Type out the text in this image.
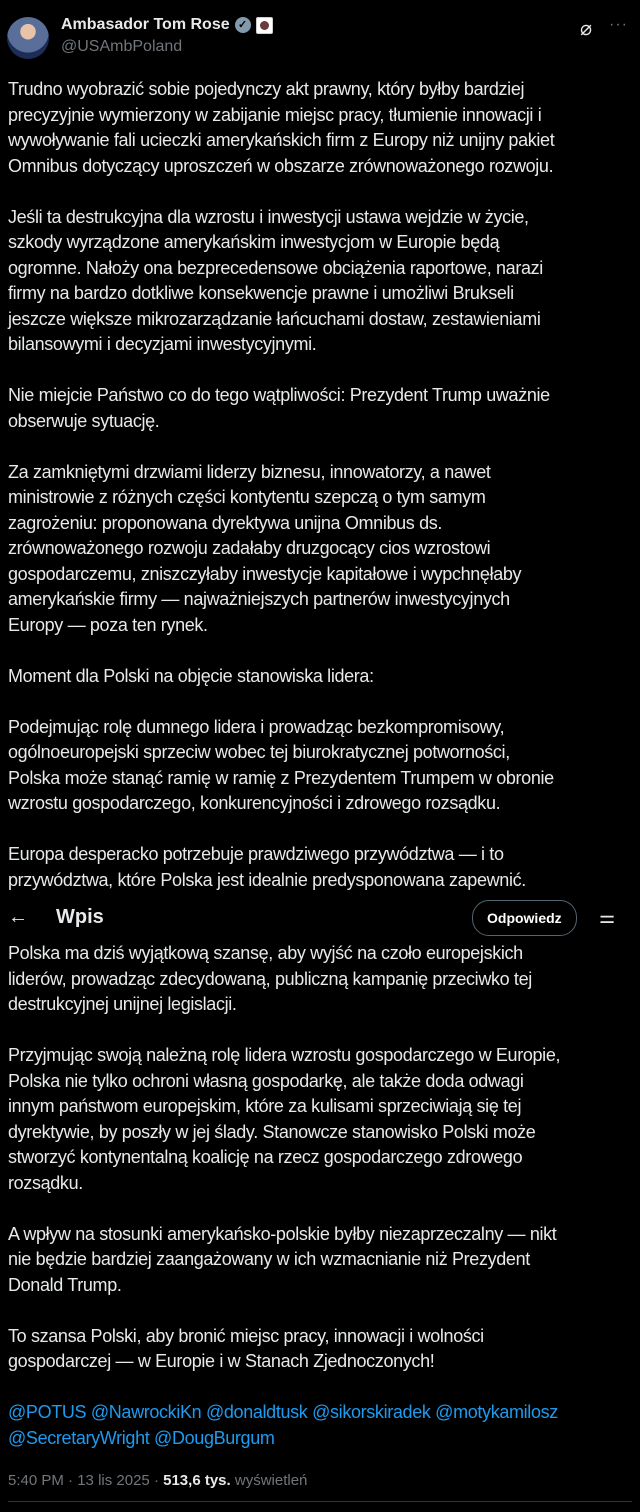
Ambasador Tom Rose ✓
@USAmbPoland
⌀ ···
Trudno wyobrazić sobie pojedynczy akt prawny, który byłby bardziej
precyzyjnie wymierzony w zabijanie miejsc pracy, tłumienie innowacji i
wywoływanie fali ucieczki amerykańskich firm z Europy niż unijny pakiet
Omnibus dotyczący uproszczeń w obszarze zrównoważonego rozwoju.
Jeśli ta destrukcyjna dla wzrostu i inwestycji ustawa wejdzie w życie,
szkody wyrządzone amerykańskim inwestycjom w Europie będą
ogromne. Nałoży ona bezprecedensowe obciążenia raportowe, narazi
firmy na bardzo dotkliwe konsekwencje prawne i umożliwi Brukseli
jeszcze większe mikrozarządzanie łańcuchami dostaw, zestawieniami
bilansowymi i decyzjami inwestycyjnymi.
Nie miejcie Państwo co do tego wątpliwości: Prezydent Trump uważnie
obserwuje sytuację.
Za zamkniętymi drzwiami liderzy biznesu, innowatorzy, a nawet
ministrowie z różnych części kontytentu szepczą o tym samym
zagrożeniu: proponowana dyrektywa unijna Omnibus ds.
zrównoważonego rozwoju zadałaby druzgocący cios wzrostowi
gospodarczemu, zniszczyłaby inwestycje kapitałowe i wypchnęłaby
amerykańskie firmy — najważniejszych partnerów inwestycyjnych
Europy — poza ten rynek.
Moment dla Polski na objęcie stanowiska lidera:
Podejmując rolę dumnego lidera i prowadząc bezkompromisowy,
ogólnoeuropejski sprzeciw wobec tej biurokratycznej potworności,
Polska może stanąć ramię w ramię z Prezydentem Trumpem w obronie
wzrostu gospodarczego, konkurencyjności i zdrowego rozsądku.
Europa desperacko potrzebuje prawdziwego przywództwa — i to
przywództwa, które Polska jest idealnie predysponowana zapewnić.
← Wpis	Odpowiedz	⚌
Polska ma dziś wyjątkową szansę, aby wyjść na czoło europejskich
liderów, prowadząc zdecydowaną, publiczną kampanię przeciwko tej
destrukcyjnej unijnej legislacji.
Przyjmując swoją należną rolę lidera wzrostu gospodarczego w Europie,
Polska nie tylko ochroni własną gospodarkę, ale także doda odwagi
innym państwom europejskim, które za kulisami sprzeciwiają się tej
dyrektywie, by poszły w jej ślady. Stanowcze stanowisko Polski może
stworzyć kontynentalną koalicję na rzecz gospodarczego zdrowego
rozsądku.
A wpływ na stosunki amerykańsko-polskie byłby niezaprzeczalny — nikt
nie będzie bardziej zaangażowany w ich wzmacnianie niż Prezydent
Donald Trump.
To szansa Polski, aby bronić miejsc pracy, innowacji i wolności
gospodarczej — w Europie i w Stanach Zjednoczonych!
@POTUS @NawrockiKn @donaldtusk @sikorskiradek @motykamilosz
@SecretaryWright @DougBurgum
5:40 PM · 13 lis 2025 · 513,6 tys. wyświetleń
